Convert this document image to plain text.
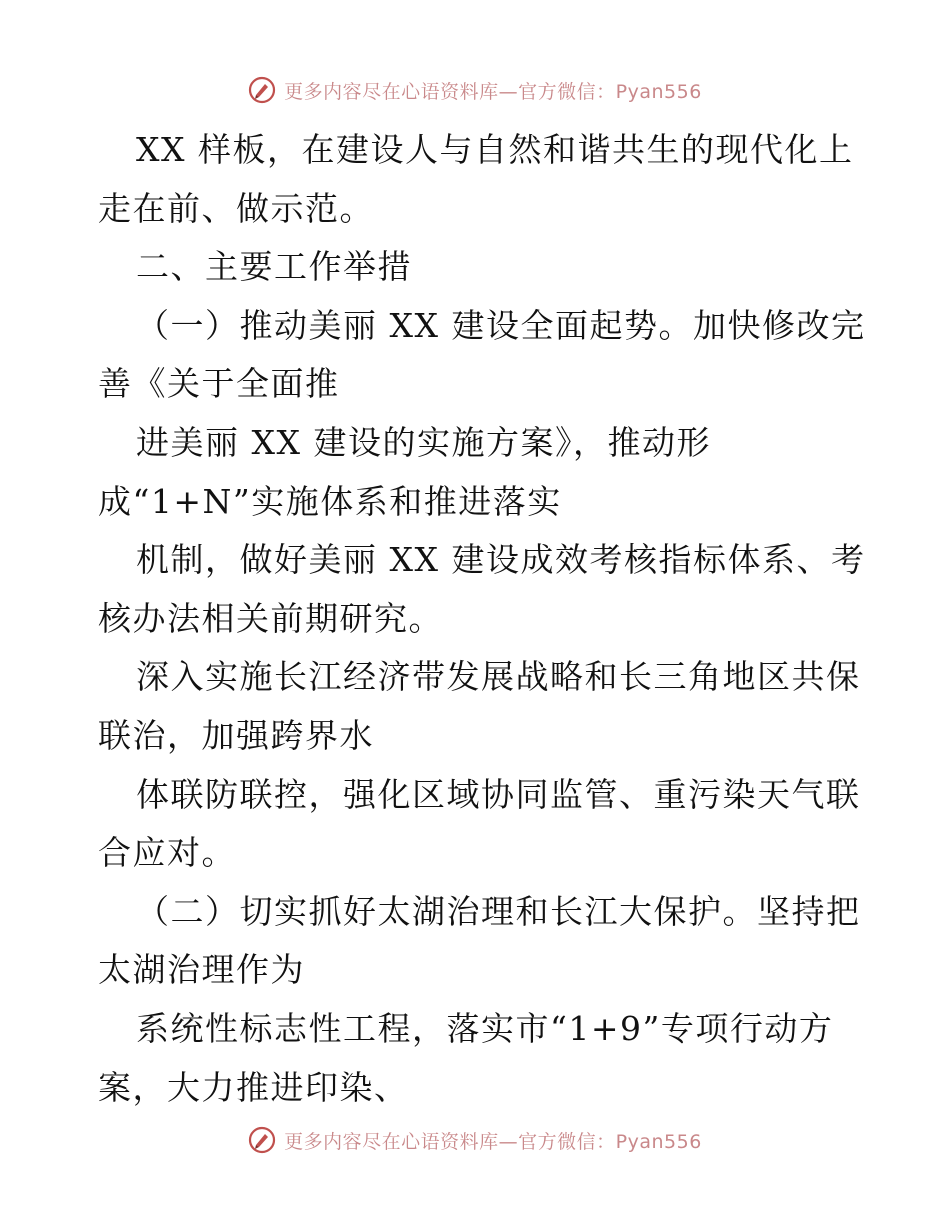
更多内容尽在心语资料库—官方微信：Pyan556
XX 样板，在建设人与自然和谐共生的现代化上
走在前、做示范。
二、主要工作举措
（一）推动美丽 XX 建设全面起势。加快修改完
善《关于全面推
进美丽 XX 建设的实施方案》，推动形
成“1+N”实施体系和推进落实
机制，做好美丽 XX 建设成效考核指标体系、考
核办法相关前期研究。
深入实施长江经济带发展战略和长三角地区共保
联治，加强跨界水
体联防联控，强化区域协同监管、重污染天气联
合应对。
（二）切实抓好太湖治理和长江大保护。坚持把
太湖治理作为
系统性标志性工程，落实市“1+9”专项行动方
案，大力推进印染、
更多内容尽在心语资料库—官方微信：Pyan556
